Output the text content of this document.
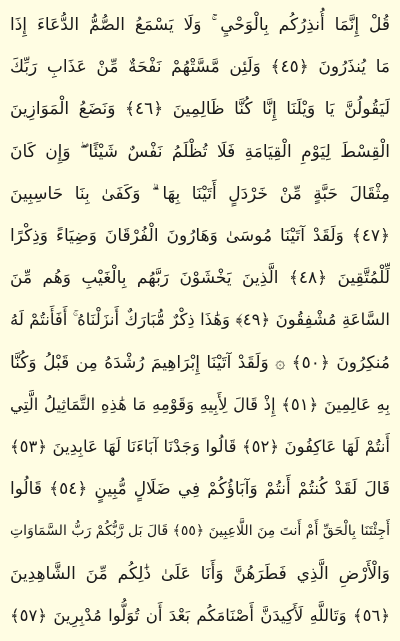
قُلْ إِنَّمَا أُنذِرُكُم بِالْوَحْيِ ۚ وَلَا يَسْمَعُ الصُّمُّ الدُّعَاءَ إِذَا
مَا يُنذَرُونَ ﴿٤٥﴾ وَلَئِن مَّسَّتْهُمْ نَفْحَةٌ مِّنْ عَذَابِ رَبِّكَ
لَيَقُولُنَّ يَا وَيْلَنَا إِنَّا كُنَّا ظَالِمِينَ ﴿٤٦﴾ وَنَضَعُ الْمَوَازِينَ
الْقِسْطَ لِيَوْمِ الْقِيَامَةِ فَلَا تُظْلَمُ نَفْسٌ شَيْئًا ۖ وَإِن كَانَ
مِثْقَالَ حَبَّةٍ مِّنْ خَرْدَلٍ أَتَيْنَا بِهَا ۗ وَكَفَىٰ بِنَا حَاسِبِينَ
﴿٤٧﴾ وَلَقَدْ آتَيْنَا مُوسَىٰ وَهَارُونَ الْفُرْقَانَ وَضِيَاءً وَذِكْرًا
لِّلْمُتَّقِينَ ﴿٤٨﴾ الَّذِينَ يَخْشَوْنَ رَبَّهُم بِالْغَيْبِ وَهُم مِّنَ
السَّاعَةِ مُشْفِقُونَ ﴿٤٩﴾ وَهَٰذَا ذِكْرٌ مُّبَارَكٌ أَنزَلْنَاهُ ۚ أَفَأَنتُمْ لَهُ
مُنكِرُونَ ﴿٥٠﴾ ۞ وَلَقَدْ آتَيْنَا إِبْرَاهِيمَ رُشْدَهُ مِن قَبْلُ وَكُنَّا
بِهِ عَالِمِينَ ﴿٥١﴾ إِذْ قَالَ لِأَبِيهِ وَقَوْمِهِ مَا هَٰذِهِ التَّمَاثِيلُ الَّتِي
أَنتُمْ لَهَا عَاكِفُونَ ﴿٥٢﴾ قَالُوا وَجَدْنَا آبَاءَنَا لَهَا عَابِدِينَ ﴿٥٣﴾
قَالَ لَقَدْ كُنتُمْ أَنتُمْ وَآبَاؤُكُمْ فِي ضَلَالٍ مُّبِينٍ ﴿٥٤﴾ قَالُوا
أَجِئْتَنَا بِالْحَقِّ أَمْ أَنتَ مِنَ اللَّاعِبِينَ ﴿٥٥﴾ قَالَ بَل رَّبُّكُمْ رَبُّ السَّمَاوَاتِ
وَالْأَرْضِ الَّذِي فَطَرَهُنَّ وَأَنَا عَلَىٰ ذَٰلِكُم مِّنَ الشَّاهِدِينَ
﴿٥٦﴾ وَتَاللَّهِ لَأَكِيدَنَّ أَصْنَامَكُم بَعْدَ أَن تُوَلُّوا مُدْبِرِينَ ﴿٥٧﴾
